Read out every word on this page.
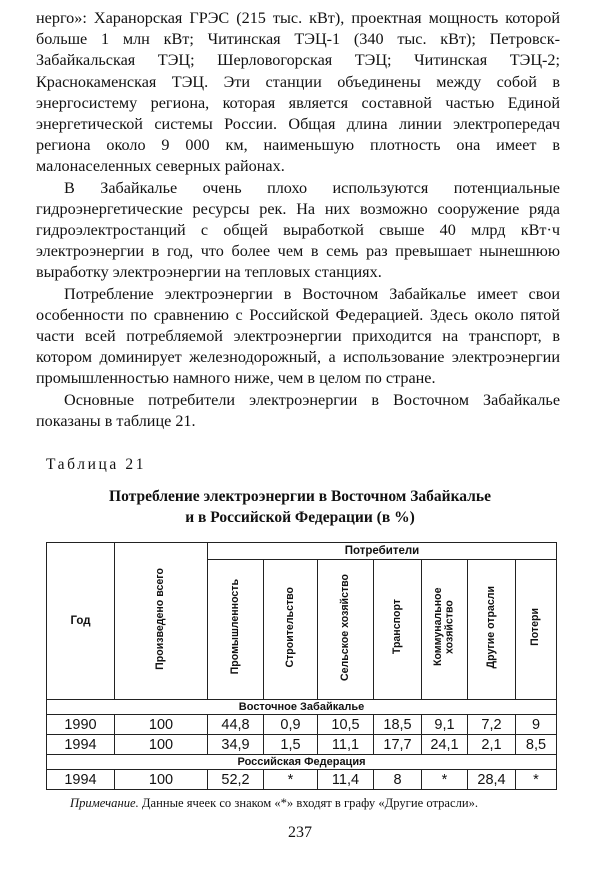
нерго»: Харанорская ГРЭС (215 тыс. кВт), проектная мощность которой больше 1 млн кВт; Читинская ТЭЦ-1 (340 тыс. кВт); Петровск-Забайкальская ТЭЦ; Шерловогорская ТЭЦ; Читинская ТЭЦ-2; Краснокаменская ТЭЦ. Эти станции объединены между собой в энергосистему региона, которая является составной частью Единой энергетической системы России. Общая длина линии электропередач региона около 9 000 км, наименьшую плотность она имеет в малонаселенных северных районах.

В Забайкалье очень плохо используются потенциальные гидроэнергетические ресурсы рек. На них возможно сооружение ряда гидроэлектростанций с общей выработкой свыше 40 млрд кВт·ч электроэнергии в год, что более чем в семь раз превышает нынешнюю выработку электроэнергии на тепловых станциях.

Потребление электроэнергии в Восточном Забайкалье имеет свои особенности по сравнению с Российской Федерацией. Здесь около пятой части всей потребляемой электроэнергии приходится на транспорт, в котором доминирует железнодорожный, а использование электроэнергии промышленностью намного ниже, чем в целом по стране.

Основные потребители электроэнергии в Восточном Забайкалье показаны в таблице 21.

Таблица 21
Потребление электроэнергии в Восточном Забайкалье
и в Российской Федерации (в %)
Год	Произведено всего	Потребители						
		Промышленность	Строительство	Сельское хозяйство	Транспорт	Коммунальное хозяйство	Другие отрасли	Потери
Восточное Забайкалье								
1990	100	44,8	0,9	10,5	18,5	9,1	7,2	9
1994	100	34,9	1,5	11,1	17,7	24,1	2,1	8,5
Российская Федерация								
1994	100	52,2	*	11,4	8	*	28,4	*
Примечание. Данные ячеек со знаком «*» входят в графу «Другие отрасли».
237
